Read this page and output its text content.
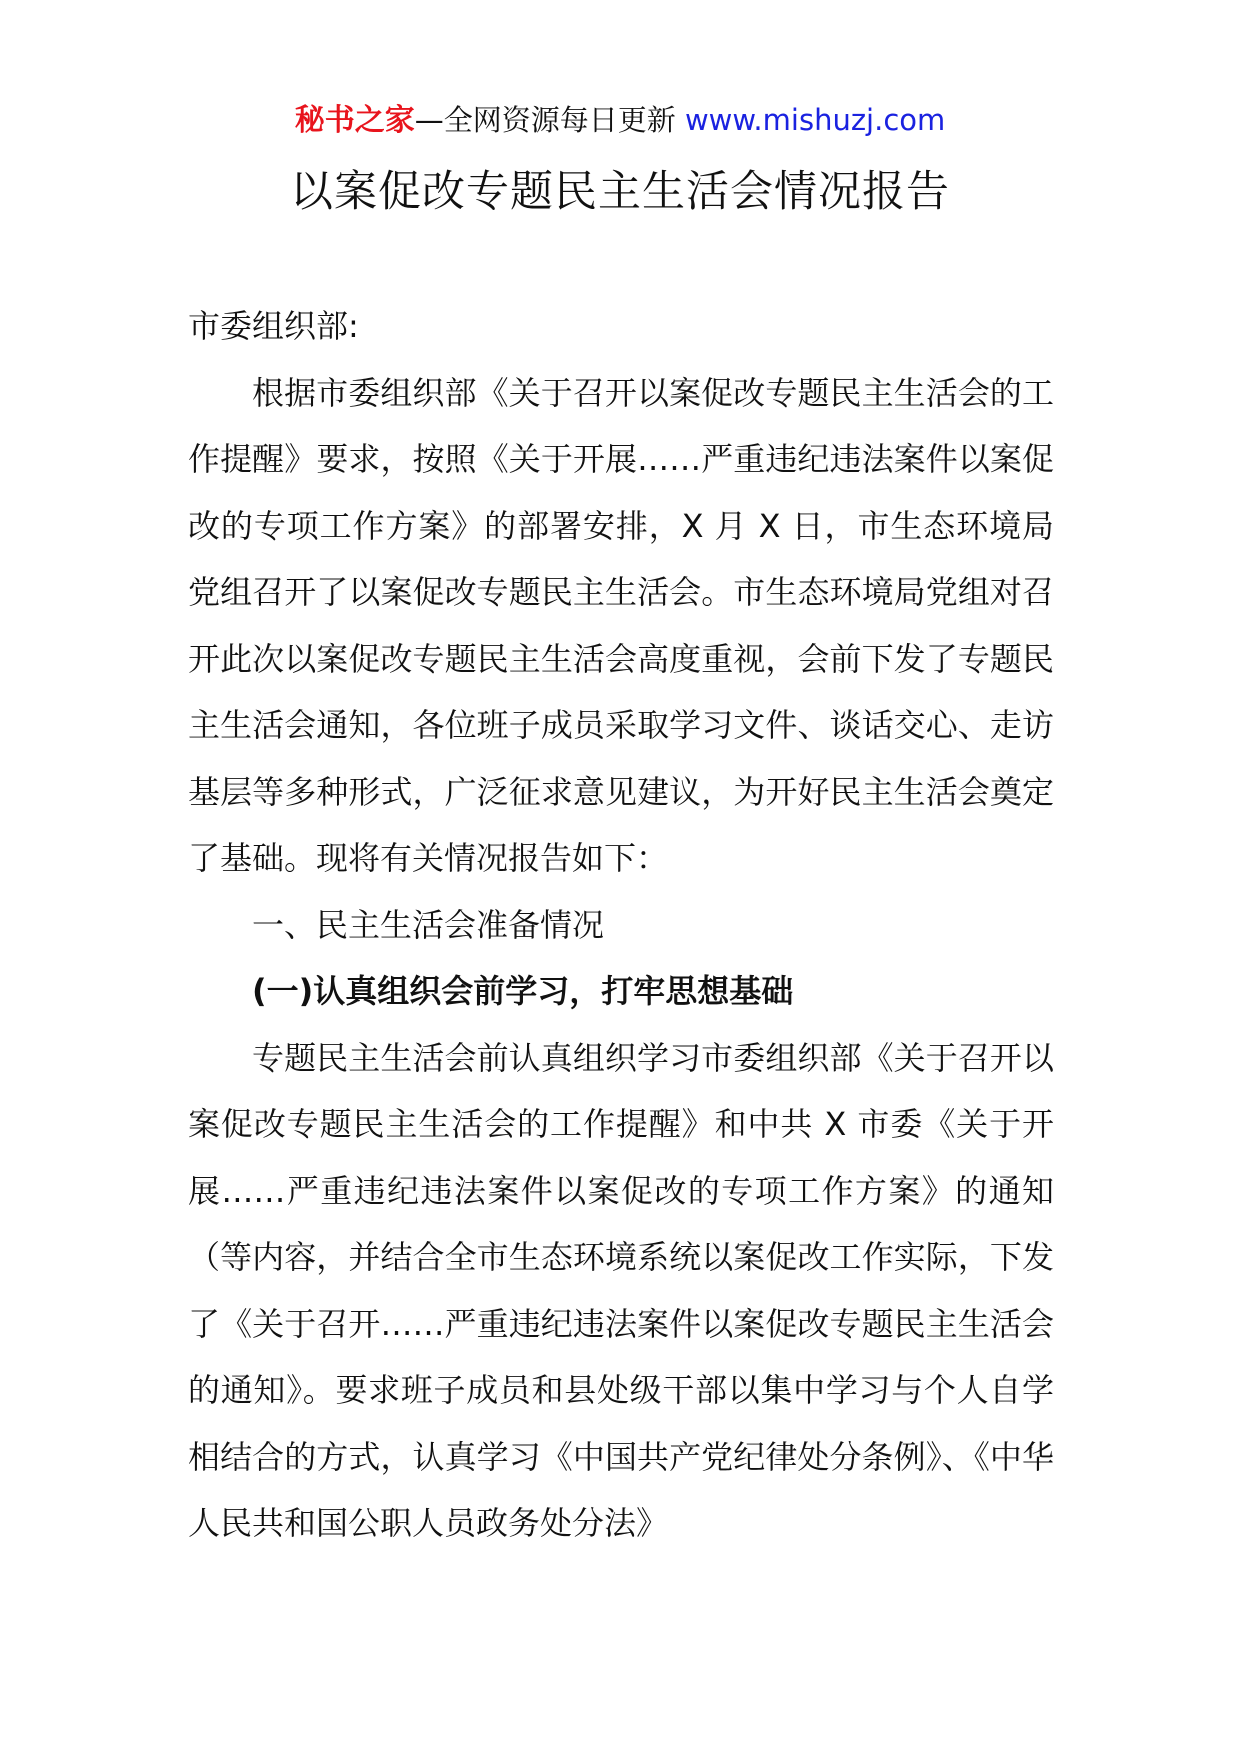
秘书之家—全网资源每日更新 www.mishuzj.com
以案促改专题民主生活会情况报告

市委组织部:

根据市委组织部《关于召开以案促改专题民主生活会的工作提醒》要求，按照《关于开展……严重违纪违法案件以案促改的专项工作方案》的部署安排，X 月 X 日，市生态环境局党组召开了以案促改专题民主生活会。市生态环境局党组对召开此次以案促改专题民主生活会高度重视，会前下发了专题民主生活会通知，各位班子成员采取学习文件、谈话交心、走访基层等多种形式，广泛征求意见建议，为开好民主生活会奠定了基础。现将有关情况报告如下：

一、民主生活会准备情况

(一)认真组织会前学习，打牢思想基础

专题民主生活会前认真组织学习市委组织部《关于召开以案促改专题民主生活会的工作提醒》和中共 X 市委《关于开展……严重违纪违法案件以案促改的专项工作方案》的通知（等内容，并结合全市生态环境系统以案促改工作实际，下发了《关于召开……严重违纪违法案件以案促改专题民主生活会的通知》。要求班子成员和县处级干部以集中学习与个人自学相结合的方式，认真学习《中国共产党纪律处分条例》、《中华人民共和国公职人员政务处分法》
